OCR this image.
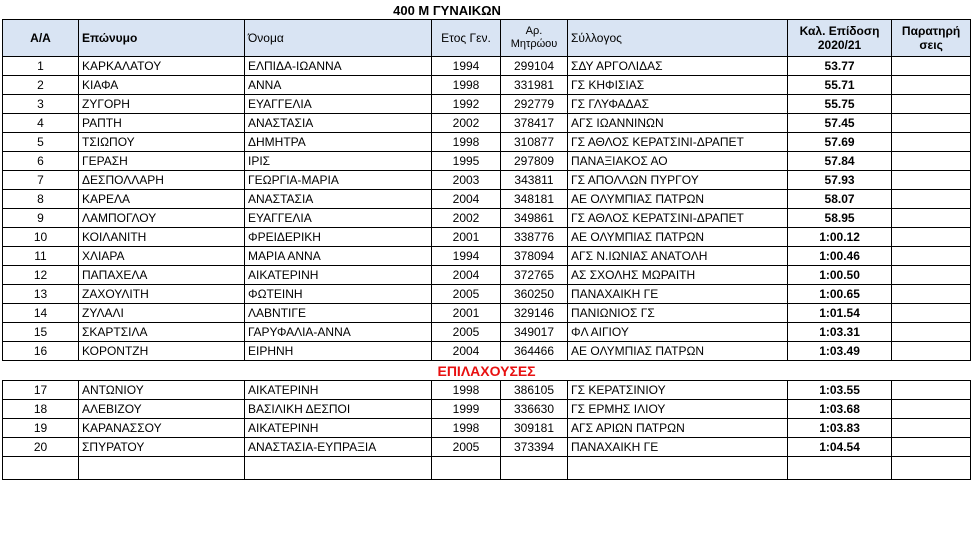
400 Μ ΓΥΝΑΙΚΩΝ							
Α/Α	Επώνυμο	Όνομα	Ετος Γεν.	Αρ. Μητρώου	Σύλλογος	Καλ. Επίδοση 2020/21	Παρατηρή σεις
1	ΚΑΡΚΑΛΑΤΟΥ	ΕΛΠΙΔΑ-ΙΩΑΝΝΑ	1994	299104	ΣΔΥ ΑΡΓΟΛΙΔΑΣ	53.77	
2	ΚΙΑΦΑ	ΑΝΝΑ	1998	331981	ΓΣ ΚΗΦΙΣΙΑΣ	55.71	
3	ΖΥΓΟΡΗ	ΕΥΑΓΓΕΛΙΑ	1992	292779	ΓΣ ΓΛΥΦΑΔΑΣ	55.75	
4	ΡΑΠΤΗ	ΑΝΑΣΤΑΣΙΑ	2002	378417	ΑΓΣ ΙΩΑΝΝΙΝΩΝ	57.45	
5	ΤΣΙΩΠΟΥ	ΔΗΜΗΤΡΑ	1998	310877	ΓΣ ΑΘΛΟΣ ΚΕΡΑΤΣΙΝΙ-ΔΡΑΠΕΤ	57.69	
6	ΓΕΡΑΣΗ	ΙΡΙΣ	1995	297809	ΠΑΝΑΞΙΑΚΟΣ ΑΟ	57.84	
7	ΔΕΣΠΟΛΛΑΡΗ	ΓΕΩΡΓΙΑ-ΜΑΡΙΑ	2003	343811	ΓΣ ΑΠΟΛΛΩΝ ΠΥΡΓΟΥ	57.93	
8	ΚΑΡΕΛΑ	ΑΝΑΣΤΑΣΙΑ	2004	348181	ΑΕ ΟΛΥΜΠΙΑΣ ΠΑΤΡΩΝ	58.07	
9	ΛΑΜΠΟΓΛΟΥ	ΕΥΑΓΓΕΛΙΑ	2002	349861	ΓΣ ΑΘΛΟΣ ΚΕΡΑΤΣΙΝΙ-ΔΡΑΠΕΤ	58.95	
10	ΚΟΙΛΑΝΙΤΗ	ΦΡΕΙΔΕΡΙΚΗ	2001	338776	ΑΕ ΟΛΥΜΠΙΑΣ ΠΑΤΡΩΝ	1:00.12	
11	ΧΛΙΑΡΑ	ΜΑΡΙΑ ΑΝΝΑ	1994	378094	ΑΓΣ Ν.ΙΩΝΙΑΣ ΑΝΑΤΟΛΗ	1:00.46	
12	ΠΑΠΑΧΕΛΑ	ΑΙΚΑΤΕΡΙΝΗ	2004	372765	ΑΣ ΣΧΟΛΗΣ ΜΩΡΑΙΤΗ	1:00.50	
13	ΖΑΧΟΥΛΙΤΗ	ΦΩΤΕΙΝΗ	2005	360250	ΠΑΝΑΧΑΙΚΗ ΓΕ	1:00.65	
14	ΖΥΛΑΛΙ	ΛΑΒΝΤΙΓΕ	2001	329146	ΠΑΝΙΩΝΙΟΣ ΓΣ	1:01.54	
15	ΣΚΑΡΤΣΙΛΑ	ΓΑΡΥΦΑΛΙΑ-ΑΝΝΑ	2005	349017	ΦΛ ΑΙΓΙΟΥ	1:03.31	
16	ΚΟΡΟΝΤΖΗ	ΕΙΡΗΝΗ	2004	364466	ΑΕ ΟΛΥΜΠΙΑΣ ΠΑΤΡΩΝ	1:03.49	
ΕΠΙΛΑΧΟΥΣΕΣ							
17	ΑΝΤΩΝΙΟΥ	ΑΙΚΑΤΕΡΙΝΗ	1998	386105	ΓΣ ΚΕΡΑΤΣΙΝΙΟΥ	1:03.55	
18	ΑΛΕΒΙΖΟΥ	ΒΑΣΙΛΙΚΗ ΔΕΣΠΟΙ	1999	336630	ΓΣ ΕΡΜΗΣ ΙΛΙΟΥ	1:03.68	
19	ΚΑΡΑΝΑΣΣΟΥ	ΑΙΚΑΤΕΡΙΝΗ	1998	309181	ΑΓΣ ΑΡΙΩΝ ΠΑΤΡΩΝ	1:03.83	
20	ΣΠΥΡΑΤΟΥ	ΑΝΑΣΤΑΣΙΑ-ΕΥΠΡΑΞΙΑ	2005	373394	ΠΑΝΑΧΑΙΚΗ ΓΕ	1:04.54	
